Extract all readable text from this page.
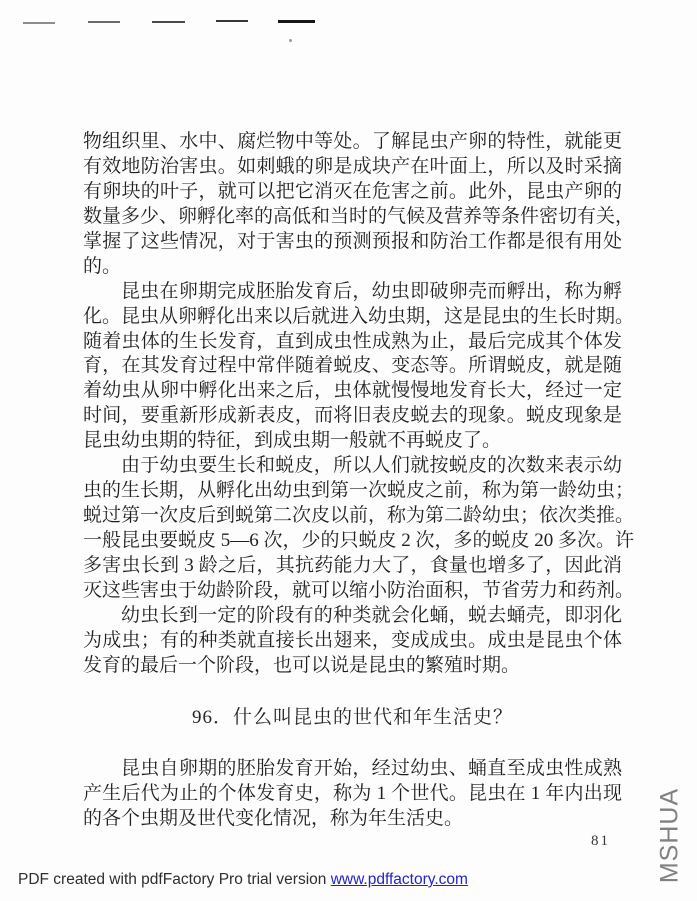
物组织里、水中、腐烂物中等处。了解昆虫产卵的特性，就能更
有效地防治害虫。如刺蛾的卵是成块产在叶面上，所以及时采摘
有卵块的叶子，就可以把它消灭在危害之前。此外，昆虫产卵的
数量多少、卵孵化率的高低和当时的气候及营养等条件密切有关，
掌握了这些情况，对于害虫的预测预报和防治工作都是很有用处
的。
昆虫在卵期完成胚胎发育后，幼虫即破卵壳而孵出，称为孵
化。昆虫从卵孵化出来以后就进入幼虫期，这是昆虫的生长时期。
随着虫体的生长发育，直到成虫性成熟为止，最后完成其个体发
育，在其发育过程中常伴随着蜕皮、变态等。所谓蜕皮，就是随
着幼虫从卵中孵化出来之后，虫体就慢慢地发育长大，经过一定
时间，要重新形成新表皮，而将旧表皮蜕去的现象。蜕皮现象是
昆虫幼虫期的特征，到成虫期一般就不再蜕皮了。
由于幼虫要生长和蜕皮，所以人们就按蜕皮的次数来表示幼
虫的生长期，从孵化出幼虫到第一次蜕皮之前，称为第一龄幼虫；
蜕过第一次皮后到蜕第二次皮以前，称为第二龄幼虫；依次类推。
一般昆虫要蜕皮 5—6 次，少的只蜕皮 2 次，多的蜕皮 20 多次。许
多害虫长到 3 龄之后，其抗药能力大了，食量也增多了，因此消
灭这些害虫于幼龄阶段，就可以缩小防治面积，节省劳力和药剂。
幼虫长到一定的阶段有的种类就会化蛹，蜕去蛹壳，即羽化
为成虫；有的种类就直接长出翅来，变成成虫。成虫是昆虫个体
发育的最后一个阶段，也可以说是昆虫的繁殖时期。
96．什么叫昆虫的世代和年生活史？
昆虫自卵期的胚胎发育开始，经过幼虫、蛹直至成虫性成熟
产生后代为止的个体发育史，称为 1 个世代。昆虫在 1 年内出现
的各个虫期及世代变化情况，称为年生活史。
81 MSHUA
PDF created with pdfFactory Pro trial version www.pdffactory.com
